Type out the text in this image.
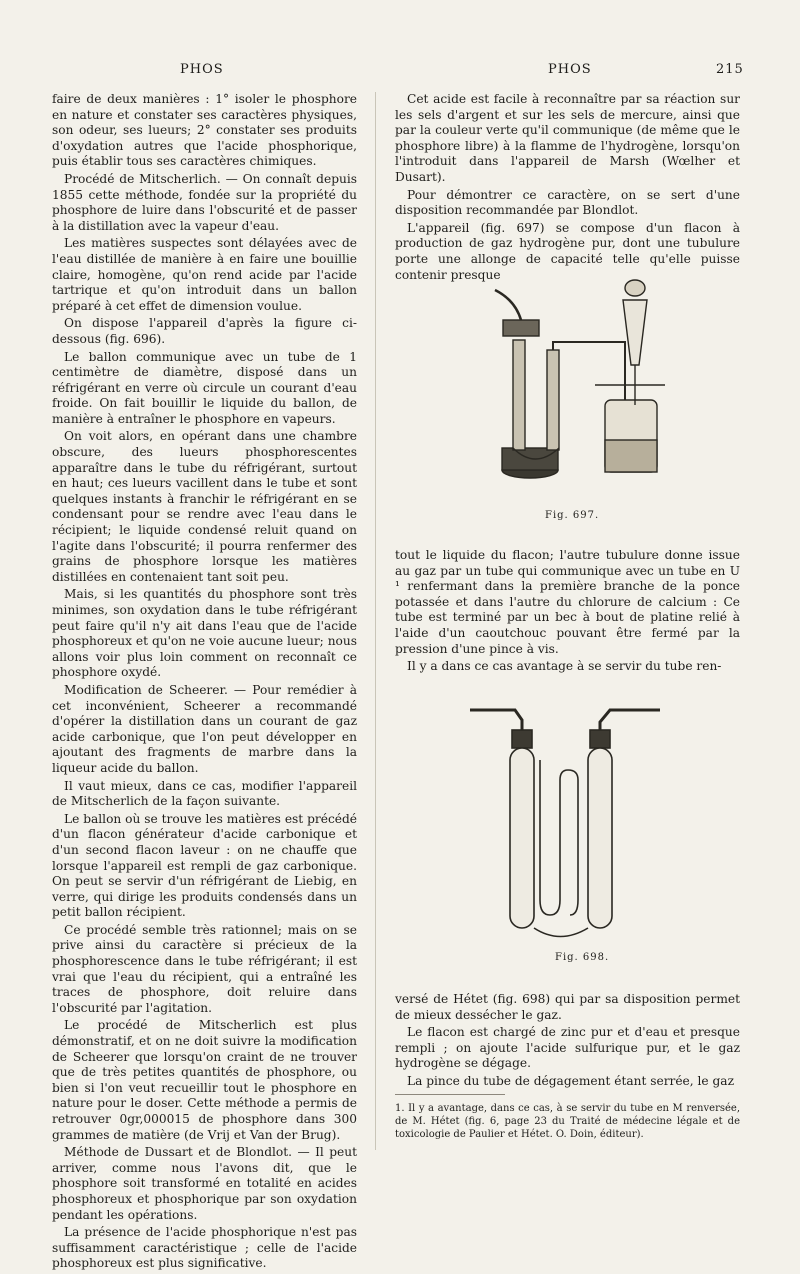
PHOS	PHOS	215

faire de deux manières : 1° isoler le phosphore en nature et constater ses caractères physiques, son odeur, ses lueurs; 2° constater ses produits d'oxydation autres que l'acide phosphorique, puis établir tous ses caractères chimiques.

Procédé de Mitscherlich. — On connaît depuis 1855 cette méthode, fondée sur la propriété du phosphore de luire dans l'obscurité et de passer à la distillation avec la vapeur d'eau.

Les matières suspectes sont délayées avec de l'eau distillée de manière à en faire une bouillie claire, homogène, qu'on rend acide par l'acide tartrique et qu'on introduit dans un ballon préparé à cet effet de dimension voulue.

On dispose l'appareil d'après la figure ci-dessous (fig. 696).

Le ballon communique avec un tube de 1 centimètre de diamètre, disposé dans un réfrigérant en verre où circule un courant d'eau froide. On fait bouillir le liquide du ballon, de manière à entraîner le phosphore en vapeurs.

On voit alors, en opérant dans une chambre obscure, des lueurs phosphorescentes apparaître dans le tube du réfrigérant, surtout en haut; ces lueurs vacillent dans le tube et sont quelques instants à franchir le réfrigérant en se condensant pour se rendre avec l'eau dans le récipient; le liquide condensé reluit quand on l'agite dans l'obscurité; il pourra renfermer des grains de phosphore lorsque les matières distillées en contenaient tant soit peu.

Mais, si les quantités du phosphore sont très minimes, son oxydation dans le tube réfrigérant peut faire qu'il n'y ait dans l'eau que de l'acide phosphoreux et qu'on ne voie aucune lueur; nous allons voir plus loin comment on reconnaît ce phosphore oxydé.

Modification de Scheerer. — Pour remédier à cet inconvénient, Scheerer a recommandé d'opérer la distillation dans un courant de gaz acide carbonique, que l'on peut développer en ajoutant des fragments de marbre dans la liqueur acide du ballon.

Il vaut mieux, dans ce cas, modifier l'appareil de Mitscherlich de la façon suivante.

Le ballon où se trouve les matières est précédé d'un flacon générateur d'acide carbonique et d'un second flacon laveur : on ne chauffe que lorsque l'appareil est rempli de gaz carbonique. On peut se servir d'un réfrigérant de Liebig, en verre, qui dirige les produits condensés dans un petit ballon récipient.

Ce procédé semble très rationnel; mais on se prive ainsi du caractère si précieux de la phosphorescence dans le tube réfrigérant; il est vrai que l'eau du récipient, qui a entraîné les traces de phosphore, doit reluire dans l'obscurité par l'agitation.

Le procédé de Mitscherlich est plus démonstratif, et on ne doit suivre la modification de Scheerer que lorsqu'on craint de ne trouver que de très petites quantités de phosphore, ou bien si l'on veut recueillir tout le phosphore en nature pour le doser. Cette méthode a permis de retrouver 0gr,000015 de phosphore dans 300 grammes de matière (de Vrij et Van der Brug).

Méthode de Dussart et de Blondlot. — Il peut arriver, comme nous l'avons dit, que le phosphore soit transformé en totalité en acides phosphoreux et phosphorique par son oxydation pendant les opérations.

La présence de l'acide phosphorique n'est pas suffisamment caractéristique ; celle de l'acide phosphoreux est plus significative.

Cet acide est facile à reconnaître par sa réaction sur les sels d'argent et sur les sels de mercure, ainsi que par la couleur verte qu'il communique (de même que le phosphore libre) à la flamme de l'hydrogène, lorsqu'on l'introduit dans l'appareil de Marsh (Wœlher et Dusart).

Pour démontrer ce caractère, on se sert d'une disposition recommandée par Blondlot.

L'appareil (fig. 697) se compose d'un flacon à production de gaz hydrogène pur, dont une tubulure porte une allonge de capacité telle qu'elle puisse contenir presque

Fig. 697.

tout le liquide du flacon; l'autre tubulure donne issue au gaz par un tube qui communique avec un tube en U ¹ renfermant dans la première branche de la ponce potassée et dans l'autre du chlorure de calcium : Ce tube est terminé par un bec à bout de platine relié à l'aide d'un caoutchouc pouvant être fermé par la pression d'une pince à vis.

Il y a dans ce cas avantage à se servir du tube ren-

Fig. 698.

versé de Hétet (fig. 698) qui par sa disposition permet de mieux dessécher le gaz.

Le flacon est chargé de zinc pur et d'eau et presque rempli ; on ajoute l'acide sulfurique pur, et le gaz hydrogène se dégage.

La pince du tube de dégagement étant serrée, le gaz

1. Il y a avantage, dans ce cas, à se servir du tube en M renversée, de M. Hétet (fig. 6, page 23 du Traité de médecine légale et de toxicologie de Paulier et Hétet. O. Doin, éditeur).
